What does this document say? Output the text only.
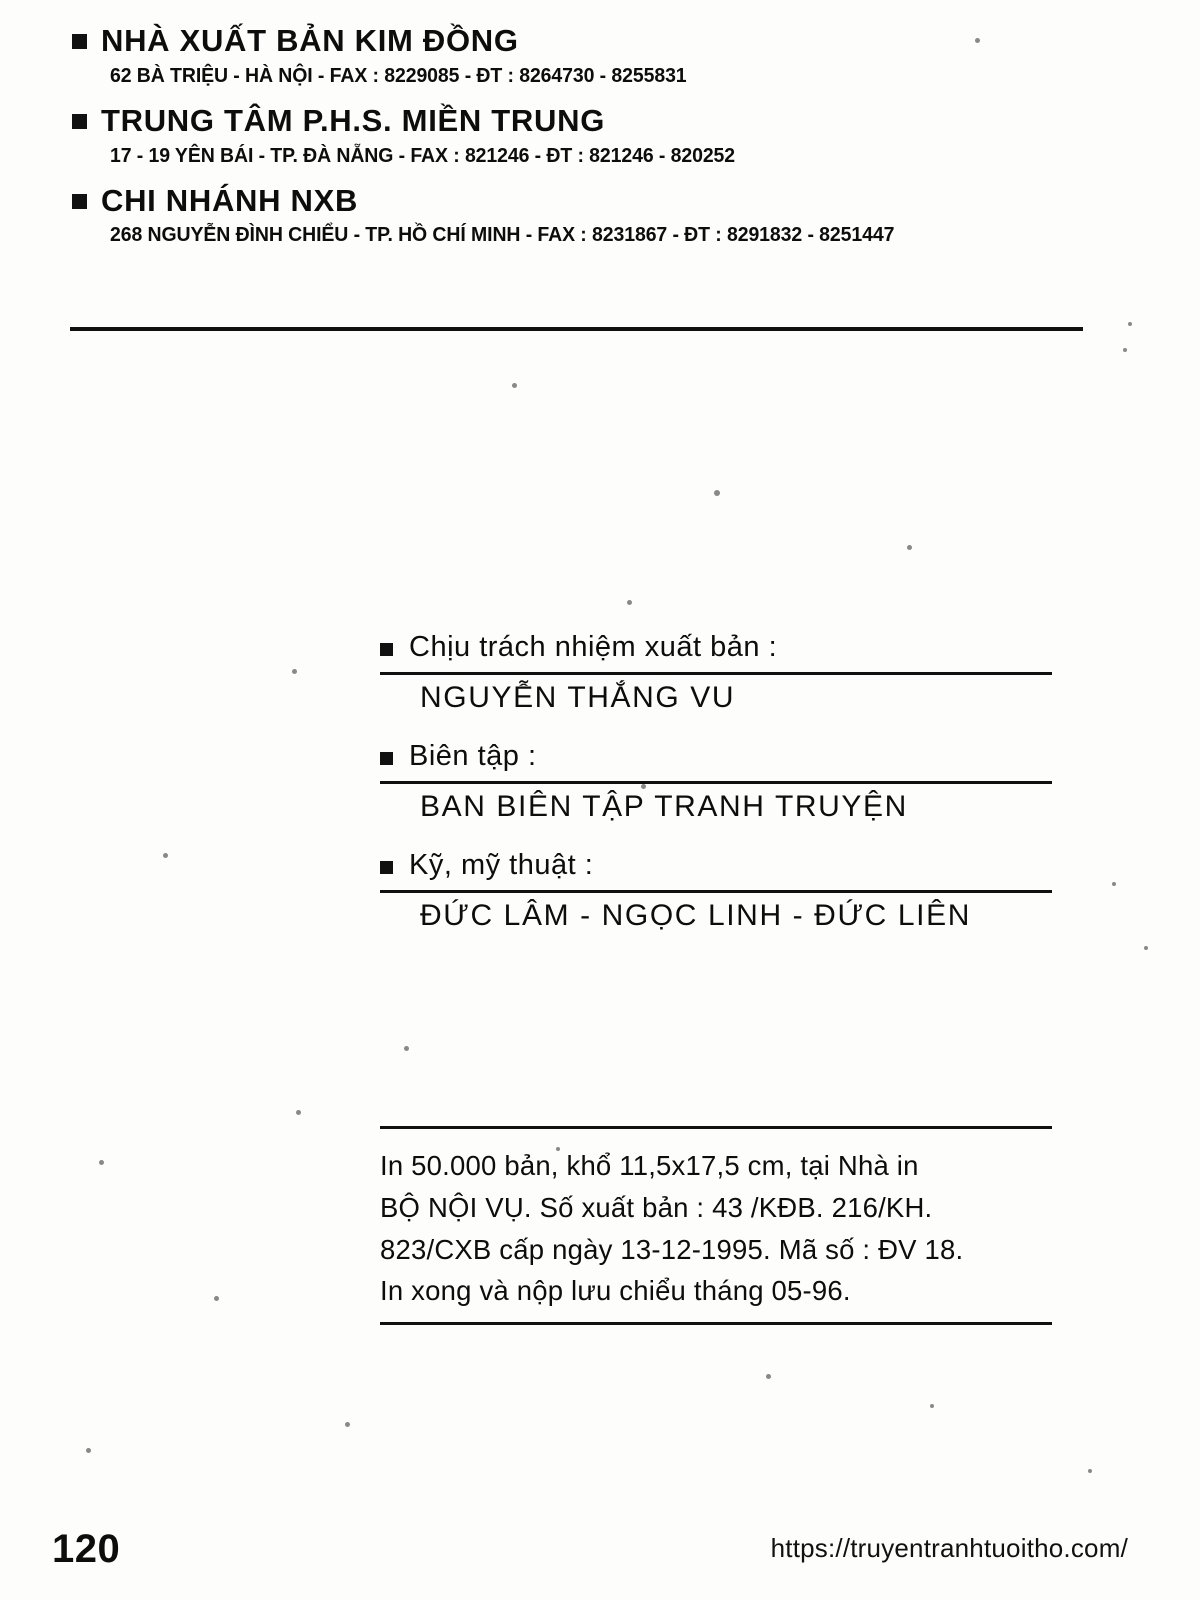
NHÀ XUẤT BẢN KIM ĐỒNG
62 BÀ TRIỆU - HÀ NỘI - FAX : 8229085 - ĐT : 8264730 - 8255831
TRUNG TÂM P.H.S. MIỀN TRUNG
17 - 19 YÊN BÁI - TP. ĐÀ NẴNG - FAX : 821246 - ĐT : 821246 - 820252
CHI NHÁNH NXB
268 NGUYỄN ĐÌNH CHIỂU - TP. HỒ CHÍ MINH - FAX : 8231867 - ĐT : 8291832 - 8251447
Chịu trách nhiệm xuất bản :
NGUYỄN THẮNG VU
Biên tập :
BAN BIÊN TẬP TRANH TRUYỆN
Kỹ, mỹ thuật :
ĐỨC LÂM - NGỌC LINH - ĐỨC LIÊN
In 50.000 bản, khổ 11,5x17,5 cm, tại Nhà in
BỘ NỘI VỤ. Số xuất bản : 43 /KĐB. 216/KH.
823/CXB cấp ngày 13-12-1995. Mã số : ĐV 18.
In xong và nộp lưu chiểu tháng 05-96.
120	https://truyentranhtuoitho.com/
